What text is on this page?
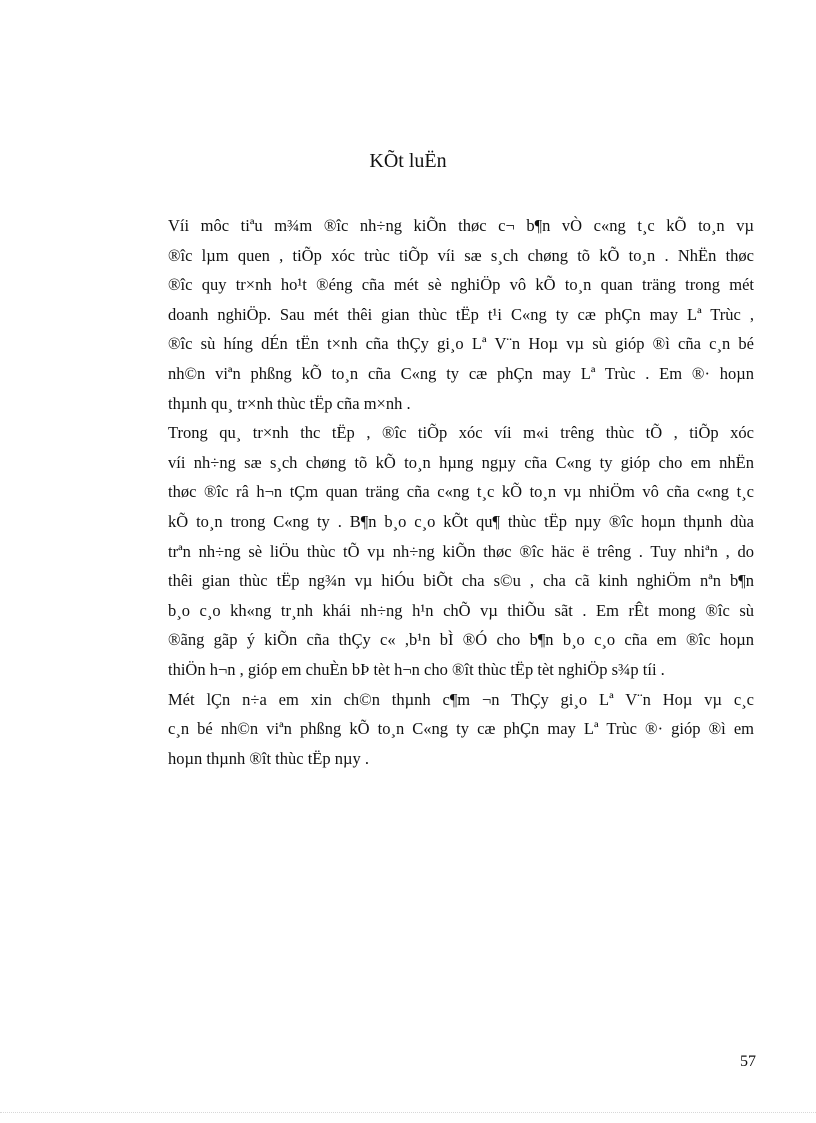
KÕt luËn

Víi môc tiªu m¾m ®îc nh÷ng kiÕn thøc c¬ b¶n vÒ c«ng t¸c kÕ to¸n vµ
®îc lµm quen , tiÕp xóc trùc tiÕp víi sæ s¸ch chøng tõ kÕ to¸n . NhËn thøc
®îc quy tr×nh ho¹t ®éng cña mét sè nghiÖp vô kÕ to¸n quan träng trong mét
doanh nghiÖp. Sau mét thêi gian thùc tËp t¹i C«ng ty cæ phÇn may Lª Trùc ,
®îc sù híng dÉn tËn t×nh cña thÇy gi¸o Lª V¨n Hoµ vµ sù gióp ®ì cña c¸n bé
nh©n viªn phßng kÕ to¸n cña C«ng ty cæ phÇn may Lª Trùc . Em ®· hoµn
thµnh qu¸ tr×nh thùc tËp cña m×nh .

Trong qu¸ tr×nh thc tËp , ®îc tiÕp xóc víi m«i trêng thùc tÕ , tiÕp xóc
víi nh÷ng sæ s¸ch chøng tõ kÕ to¸n hµng ngµy cña C«ng ty gióp cho em nhËn
thøc ®îc râ h¬n tÇm quan träng cña c«ng t¸c kÕ to¸n vµ nhiÖm vô cña c«ng t¸c
kÕ to¸n trong C«ng ty . B¶n b¸o c¸o kÕt qu¶ thùc tËp nµy ®îc hoµn thµnh dùa
trªn nh÷ng sè liÖu thùc tÕ vµ nh÷ng kiÕn thøc ®îc häc ë trêng . Tuy nhiªn , do
thêi gian thùc tËp ng¾n vµ hiÓu biÕt cha s©u , cha cã kinh nghiÖm nªn b¶n
b¸o c¸o kh«ng tr¸nh khái nh÷ng h¹n chÕ vµ thiÕu sãt . Em rÊt mong ®îc sù
®ãng gãp ý kiÕn cña thÇy c« ,b¹n bÌ ®Ó cho b¶n b¸o c¸o cña em ®îc hoµn
thiÖn h¬n , gióp em chuÈn bÞ tèt h¬n cho ®ît thùc tËp tèt nghiÖp s¾p tíi .

Mét lÇn n÷a em xin ch©n thµnh c¶m ¬n ThÇy gi¸o Lª V¨n Hoµ vµ c¸c
c¸n bé nh©n viªn phßng kÕ to¸n C«ng ty cæ phÇn may Lª Trùc ®· gióp ®ì em
hoµn thµnh ®ît thùc tËp nµy .

57
